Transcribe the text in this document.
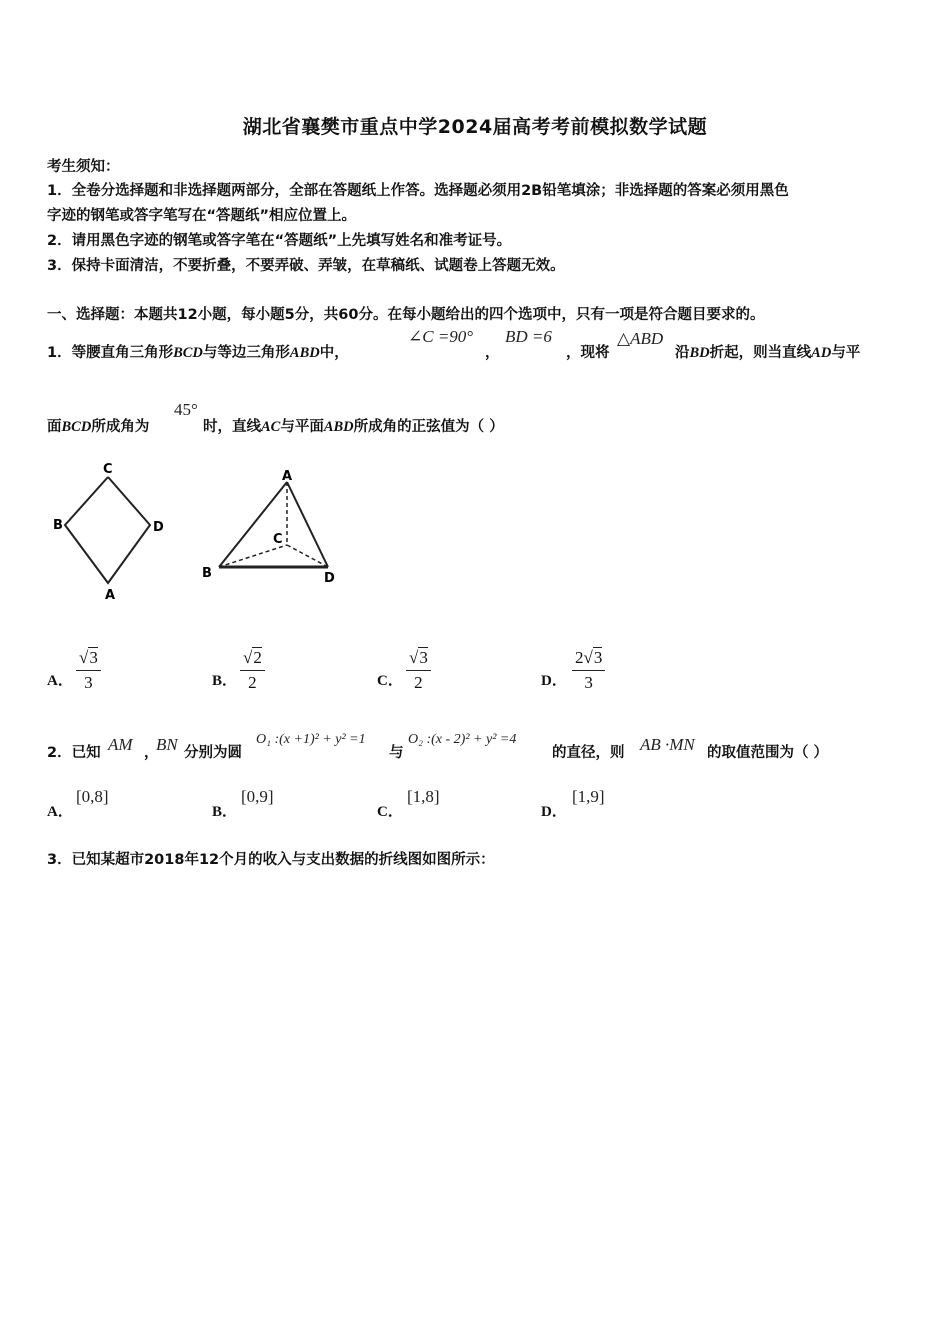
湖北省襄樊市重点中学2024届高考考前模拟数学试题
考生须知：
1．全卷分选择题和非选择题两部分，全部在答题纸上作答。选择题必须用2B铅笔填涂；非选择题的答案必须用黑色
字迹的钢笔或答字笔写在“答题纸”相应位置上。
2．请用黑色字迹的钢笔或答字笔在“答题纸”上先填写姓名和准考证号。
3．保持卡面清洁，不要折叠，不要弄破、弄皱，在草稿纸、试题卷上答题无效。
一、选择题：本题共12小题，每小题5分，共60分。在每小题给出的四个选项中，只有一项是符合题目要求的。
1．等腰直角三角形BCD与等边三角形ABD中，
∠C =90°
，
BD =6
，现将
△ABD
沿BD折起，则当直线AD与平
面BCD所成角为
45°
时，直线AC与平面ABD所成角的正弦值为（ ）
C
B	D
A
A
C
B	D
A． $\frac{√3}{3}$	B． $\frac{√2}{2}$	C． $\frac{√3}{2}$	D． $\frac{2√3}{3}$
2．已知 AM ，
BN 分别为圆
O₁ :(x +1)² + y² =1
与
O₂ :(x - 2)² + y² =4
的直径，则 AB ·MN 的取值范围为（ ）
A．
[0,8]
B．
[0,9]
C．
[1,8]
D．
[1,9]
3．已知某超市2018年12个月的收入与支出数据的折线图如图所示：
